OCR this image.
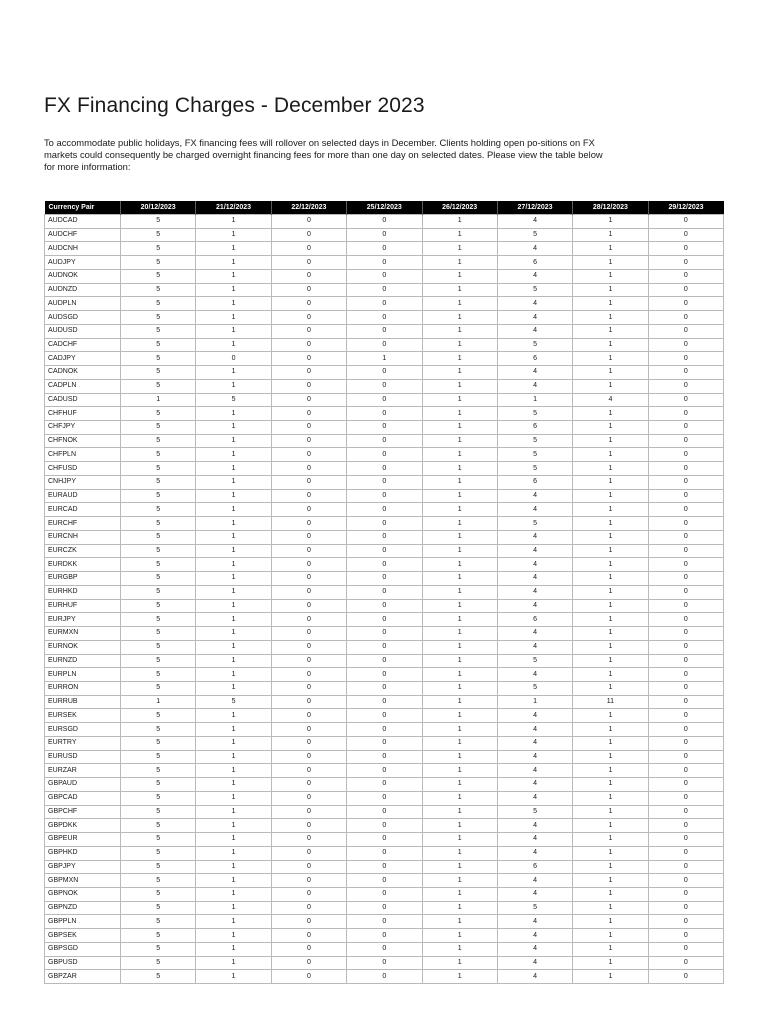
FX Financing Charges - December 2023

To accommodate public holidays, FX financing fees will rollover on selected days in December. Clients holding open po-sitions on FX markets could consequently be charged overnight financing fees for more than one day on selected dates. Please view the table below for more information:

Currency Pair	20/12/2023	21/12/2023	22/12/2023	25/12/2023	26/12/2023	27/12/2023	28/12/2023	29/12/2023
AUDCAD	5	1	0	0	1	4	1	0
AUDCHF	5	1	0	0	1	5	1	0
AUDCNH	5	1	0	0	1	4	1	0
AUDJPY	5	1	0	0	1	6	1	0
AUDNOK	5	1	0	0	1	4	1	0
AUDNZD	5	1	0	0	1	5	1	0
AUDPLN	5	1	0	0	1	4	1	0
AUDSGD	5	1	0	0	1	4	1	0
AUDUSD	5	1	0	0	1	4	1	0
CADCHF	5	1	0	0	1	5	1	0
CADJPY	5	0	0	1	1	6	1	0
CADNOK	5	1	0	0	1	4	1	0
CADPLN	5	1	0	0	1	4	1	0
CADUSD	1	5	0	0	1	1	4	0
CHFHUF	5	1	0	0	1	5	1	0
CHFJPY	5	1	0	0	1	6	1	0
CHFNOK	5	1	0	0	1	5	1	0
CHFPLN	5	1	0	0	1	5	1	0
CHFUSD	5	1	0	0	1	5	1	0
CNHJPY	5	1	0	0	1	6	1	0
EURAUD	5	1	0	0	1	4	1	0
EURCAD	5	1	0	0	1	4	1	0
EURCHF	5	1	0	0	1	5	1	0
EURCNH	5	1	0	0	1	4	1	0
EURCZK	5	1	0	0	1	4	1	0
EURDKK	5	1	0	0	1	4	1	0
EURGBP	5	1	0	0	1	4	1	0
EURHKD	5	1	0	0	1	4	1	0
EURHUF	5	1	0	0	1	4	1	0
EURJPY	5	1	0	0	1	6	1	0
EURMXN	5	1	0	0	1	4	1	0
EURNOK	5	1	0	0	1	4	1	0
EURNZD	5	1	0	0	1	5	1	0
EURPLN	5	1	0	0	1	4	1	0
EURRON	5	1	0	0	1	5	1	0
EURRUB	1	5	0	0	1	1	11	0
EURSEK	5	1	0	0	1	4	1	0
EURSGD	5	1	0	0	1	4	1	0
EURTRY	5	1	0	0	1	4	1	0
EURUSD	5	1	0	0	1	4	1	0
EURZAR	5	1	0	0	1	4	1	0
GBPAUD	5	1	0	0	1	4	1	0
GBPCAD	5	1	0	0	1	4	1	0
GBPCHF	5	1	0	0	1	5	1	0
GBPDKK	5	1	0	0	1	4	1	0
GBPEUR	5	1	0	0	1	4	1	0
GBPHKD	5	1	0	0	1	4	1	0
GBPJPY	5	1	0	0	1	6	1	0
GBPMXN	5	1	0	0	1	4	1	0
GBPNOK	5	1	0	0	1	4	1	0
GBPNZD	5	1	0	0	1	5	1	0
GBPPLN	5	1	0	0	1	4	1	0
GBPSEK	5	1	0	0	1	4	1	0
GBPSGD	5	1	0	0	1	4	1	0
GBPUSD	5	1	0	0	1	4	1	0
GBPZAR	5	1	0	0	1	4	1	0
